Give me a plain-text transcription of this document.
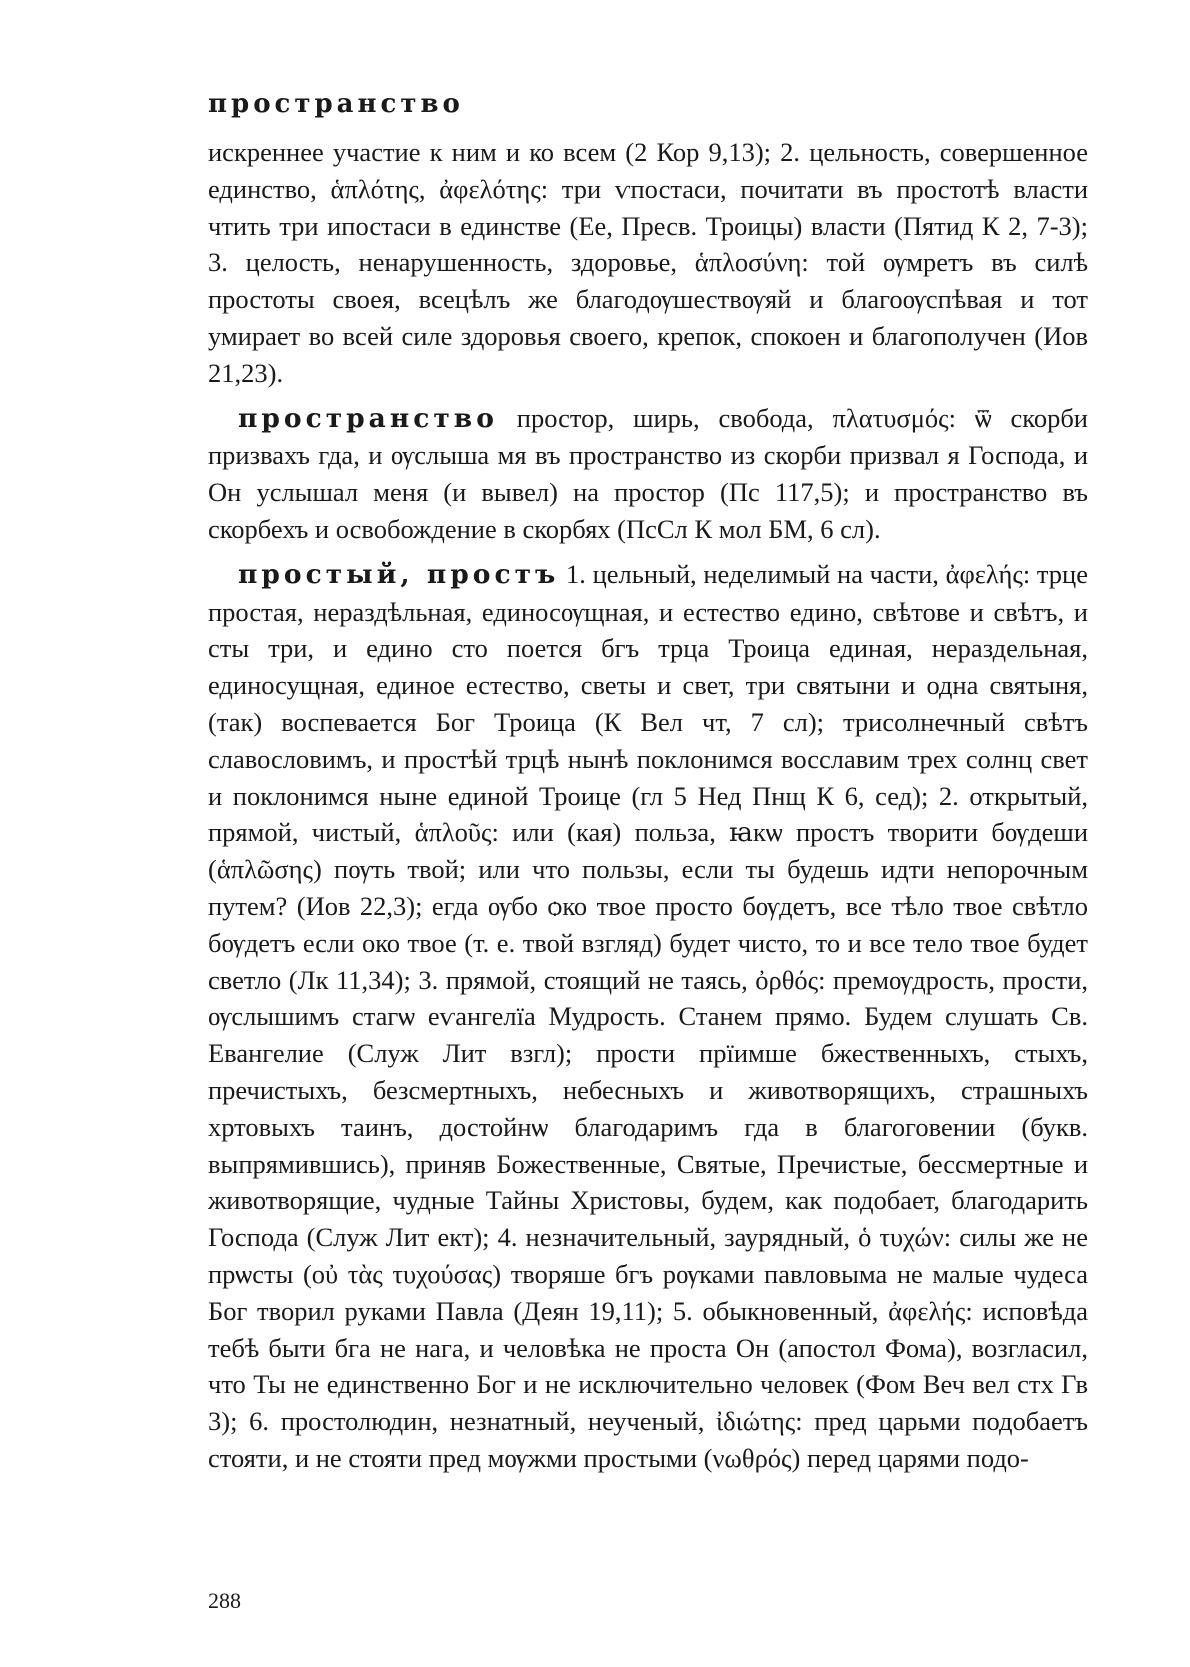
пространство

искреннее участие к ним и ко всем (2 Кор 9,13); 2. цельность, совершенное единство, ἁπλότης, ἀφελότης: три ѵпостаси, почитати въ простотѣ власти чтить три ипостаси в единстве (Ее, Пресв. Троицы) власти (Пятид К 2, 7-3); 3. целость, ненарушенность, здоровье, ἁπλοσύνη: той ѹмретъ въ силѣ простоты своея, всецѣлъ же благодѹшествѹяй и благоѹспѣвая и тот умирает во всей силе здоровья своего, крепок, спокоен и благополучен (Иов 21,23).

пространство простор, ширь, свобода, πλατυσμός: ѿ скорби призвахъ гда, и ѹслыша мя въ пространство из скорби призвал я Господа, и Он услышал меня (и вывел) на простор (Пс 117,5); и пространство въ скорбехъ и освобождение в скорбях (ПсСл К мол БМ, 6 сл).

простый, простъ 1. цельный, неделимый на части, ἀφελής: трце простая, нераздѣльная, единосѹщная, и естество едино, свѣтове и свѣтъ, и сты три, и едино сто поется бгъ трца Троица единая, нераздельная, единосущная, единое естество, светы и свет, три святыни и одна святыня, (так) воспевается Бог Троица (К Вел чт, 7 сл); трисолнечный свѣтъ славословимъ, и простѣй трцѣ нынѣ поклонимся восславим трех солнц свет и поклонимся ныне единой Троице (гл 5 Нед Пнщ К 6, сед); 2. открытый, прямой, чистый, ἁπλοῦς: или (кая) польза, ꙗкѡ простъ творити бѹдеши (ἁπλῶσης) пѹть твой; или что пользы, если ты будешь идти непорочным путем? (Иов 22,3); егда ѹбо ѻко твое просто бѹдетъ, все тѣло твое свѣтло бѹдетъ если око твое (т. е. твой взгляд) будет чисто, то и все тело твое будет светло (Лк 11,34); 3. прямой, стоящий не таясь, ὀρθός: премѹдрость, прости, ѹслышимъ стагѡ еѵангелїа Мудрость. Станем прямо. Будем слушать Св. Евангелие (Служ Лит взгл); прости прїимше бжественныхъ, стыхъ, пречистыхъ, безсмертныхъ, небесныхъ и животворящихъ, страшныхъ хртовыхъ таинъ, достойнѡ благодаримъ гда в благоговении (букв. выпрямившись), приняв Божественные, Святые, Пречистые, бессмертные и животворящие, чудные Тайны Христовы, будем, как подобает, благодарить Господа (Служ Лит ект); 4. незначительный, заурядный, ὁ τυχών: силы же не прѡсты (οὐ τὰς τυχούσας) творяше бгъ рѹками павловыма не малые чудеса Бог творил руками Павла (Деян 19,11); 5. обыкновенный, ἀφελής: исповѣда тебѣ быти бга не нага, и человѣка не проста Он (апостол Фома), возгласил, что Ты не единственно Бог и не исключительно человек (Фом Веч вел стх Гв 3); 6. простолюдин, незнатный, неученый, ἰδιώτης: пред царьми подобаетъ стояти, и не стояти пред мѹжми простыми (νωθρός) перед царями подо-

288
